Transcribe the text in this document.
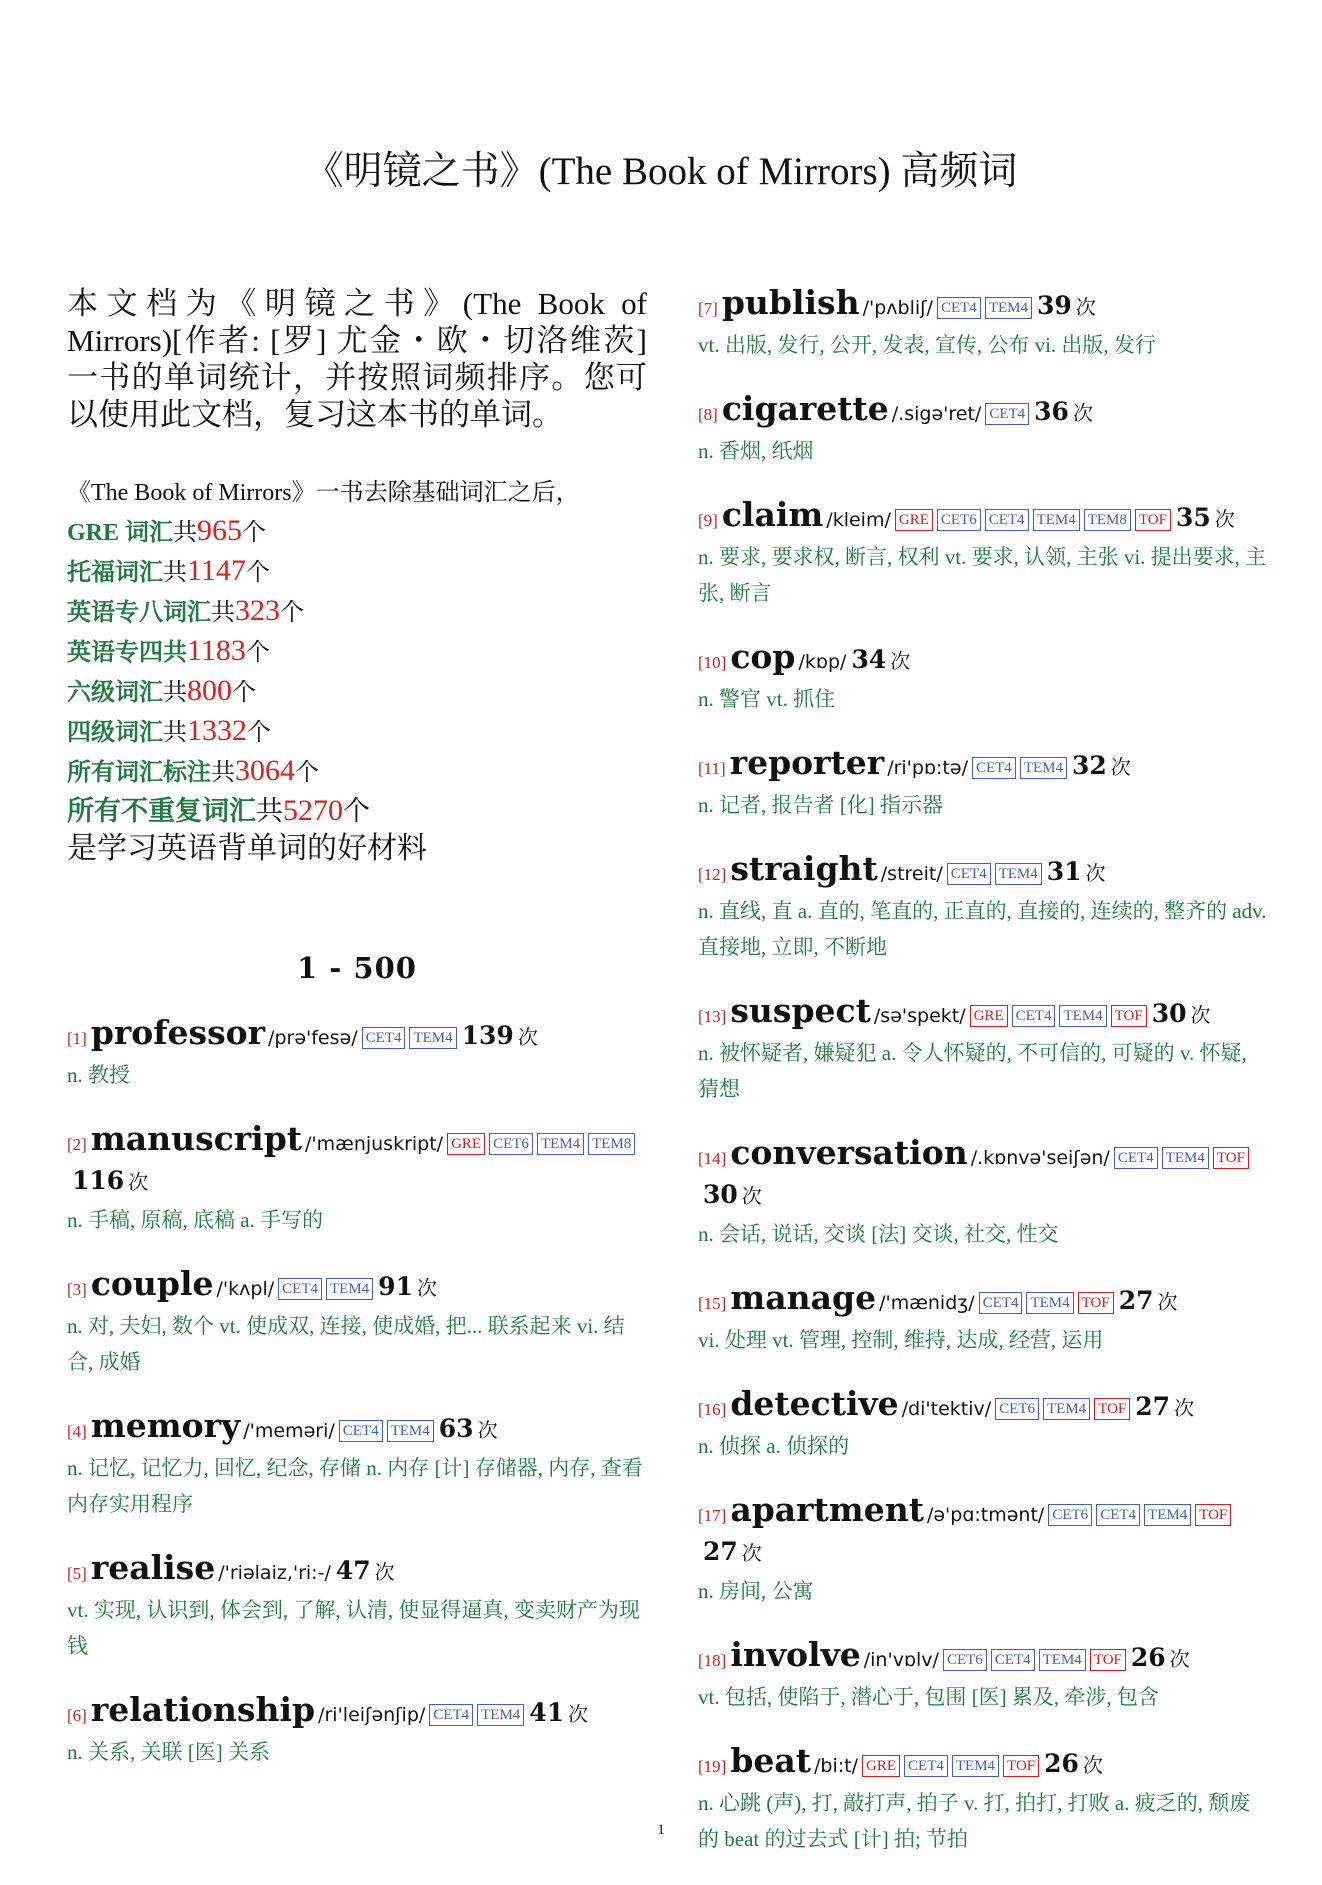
《明镜之书》(The Book of Mirrors) 高频词

本文档为《明镜之书》(The Book of Mirrors)[作者: [罗] 尤金・欧・切洛维茨] 一书的单词统计，并按照词频排序。您可以使用此文档，复习这本书的单词。

《The Book of Mirrors》一书去除基础词汇之后，
GRE 词汇共965个
托福词汇共1147个
英语专八词汇共323个
英语专四共1183个
六级词汇共800个
四级词汇共1332个
所有词汇标注共3064个
所有不重复词汇共5270个
是学习英语背单词的好材料
1 - 500
[1] professor /prə'fesə/ CET4 TEM4 139 次
n. 教授
[2] manuscript /'mænjuskript/ GRE CET6 TEM4 TEM8116 次
n. 手稿, 原稿, 底稿 a. 手写的
[3] couple /'kʌpl/ CET4 TEM4 91 次
n. 对, 夫妇, 数个 vt. 使成双, 连接, 使成婚, 把... 联系起来 vi. 结合, 成婚
[4] memory /'meməri/ CET4 TEM4 63 次
n. 记忆, 记忆力, 回忆, 纪念, 存储 n. 内存 [计] 存储器, 内存, 查看内存实用程序
[5] realise /'riəlaiz,'ri:-/ 47 次
vt. 实现, 认识到, 体会到, 了解, 认清, 使显得逼真, 变卖财产为现钱
[6] relationship /ri'leiʃənʃip/ CET4 TEM4 41 次
n. 关系, 关联 [医] 关系
[7] publish /'pʌbliʃ/ CET4 TEM4 39 次
vt. 出版, 发行, 公开, 发表, 宣传, 公布 vi. 出版, 发行
[8] cigarette /.sigə'ret/ CET4 36 次
n. 香烟, 纸烟
[9] claim /kleim/ GRE CET6 CET4 TEM4 TEM8 TOF 35 次
n. 要求, 要求权, 断言, 权利 vt. 要求, 认领, 主张 vi. 提出要求, 主张, 断言
[10] cop /kɒp/ 34 次
n. 警官 vt. 抓住
[11] reporter /ri'pɒ:tə/ CET4 TEM4 32 次
n. 记者, 报告者 [化] 指示器
[12] straight /streit/ CET4 TEM4 31 次
n. 直线, 直 a. 直的, 笔直的, 正直的, 直接的, 连续的, 整齐的 adv. 直接地, 立即, 不断地
[13] suspect /sə'spekt/ GRE CET4 TEM4 TOF 30 次
n. 被怀疑者, 嫌疑犯 a. 令人怀疑的, 不可信的, 可疑的 v. 怀疑, 猜想
[14] conversation /.kɒnvə'seiʃən/ CET4 TEM4 TOF30 次
n. 会话, 说话, 交谈 [法] 交谈, 社交, 性交
[15] manage /'mænidʒ/ CET4 TEM4 TOF 27 次
vi. 处理 vt. 管理, 控制, 维持, 达成, 经营, 运用
[16] detective /di'tektiv/ CET6 TEM4 TOF 27 次
n. 侦探 a. 侦探的
[17] apartment /ə'pɑ:tmənt/ CET6 CET4 TEM4 TOF27 次
n. 房间, 公寓
[18] involve /in'vɒlv/ CET6 CET4 TEM4 TOF 26 次
vt. 包括, 使陷于, 潜心于, 包围 [医] 累及, 牵涉, 包含
[19] beat /bi:t/ GRE CET4 TEM4 TOF 26 次
n. 心跳 (声), 打, 敲打声, 拍子 v. 打, 拍打, 打败 a. 疲乏的, 颓废的 beat 的过去式 [计] 拍; 节拍
1
